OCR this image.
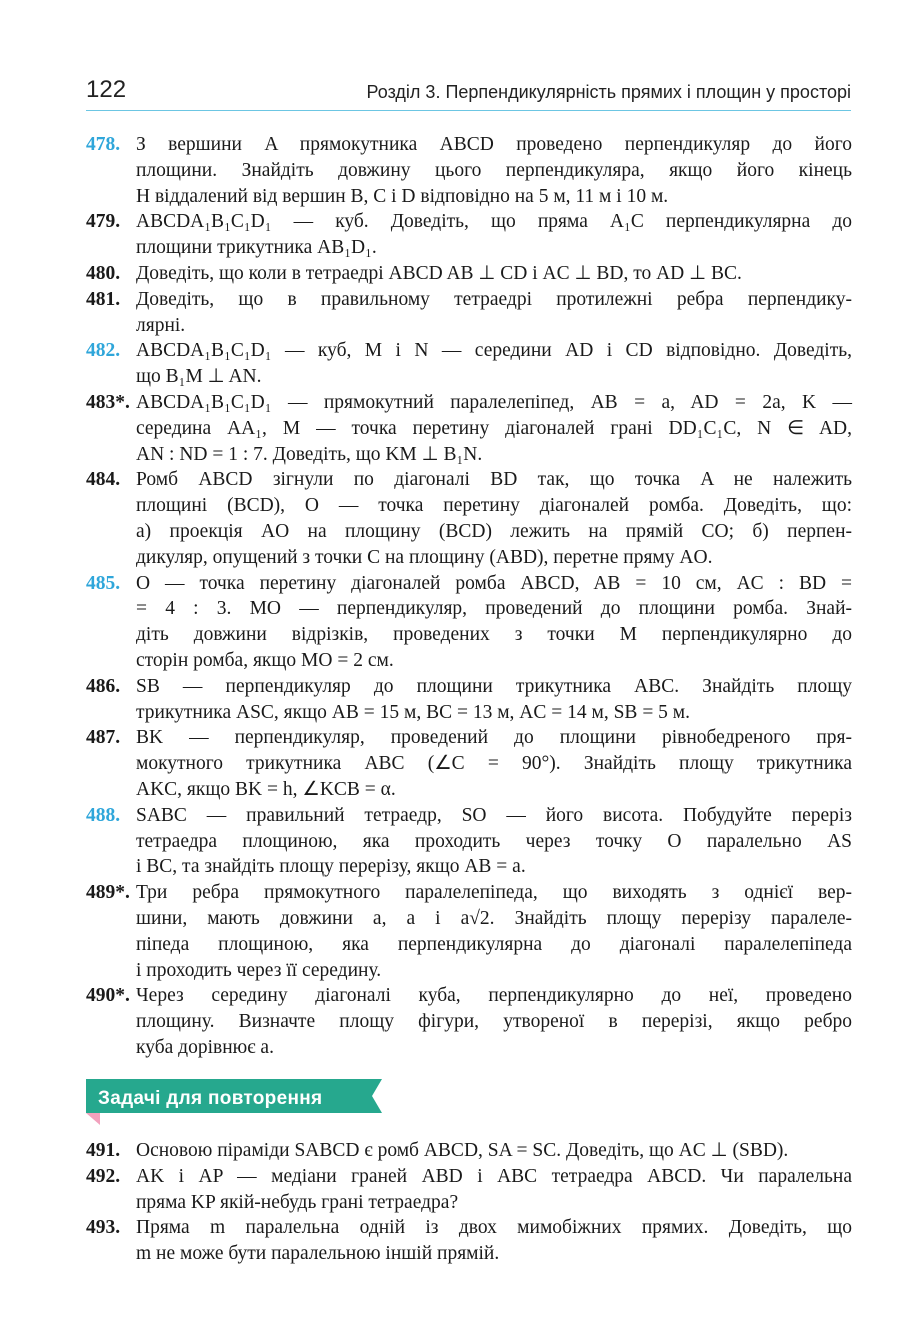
122	Розділ 3. Перпендикулярність прямих і площин у просторі
478. З вершини A прямокутника ABCD проведено перпендикуляр до його
площини. Знайдіть довжину цього перпендикуляра, якщо його кінець
H віддалений від вершин B, C і D відповідно на 5 м, 11 м і 10 м.
479. ABCDA₁B₁C₁D₁ — куб. Доведіть, що пряма A₁C перпендикулярна до
площини трикутника AB₁D₁.
480. Доведіть, що коли в тетраедрі ABCD AB ⊥ CD і AC ⊥ BD, то AD ⊥ BC.
481. Доведіть, що в правильному тетраедрі протилежні ребра перпендику-
лярні.
482. ABCDA₁B₁C₁D₁ — куб, M і N — середини AD і CD відповідно. Доведіть,
що B₁M ⊥ AN.
483*. ABCDA₁B₁C₁D₁ — прямокутний паралелепіпед, AB = a, AD = 2a, K —
середина AA₁, M — точка перетину діагоналей грані DD₁C₁C, N ∈ AD,
AN : ND = 1 : 7. Доведіть, що KM ⊥ B₁N.
484. Ромб ABCD зігнули по діагоналі BD так, що точка A не належить
площині (BCD), O — точка перетину діагоналей ромба. Доведіть, що:
а) проекція AO на площину (BCD) лежить на прямій CO; б) перпен-
дикуляр, опущений з точки C на площину (ABD), перетне пряму AO.
485. O — точка перетину діагоналей ромба ABCD, AB = 10 см, AC : BD =
= 4 : 3. MO — перпендикуляр, проведений до площини ромба. Знай-
діть довжини відрізків, проведених з точки M перпендикулярно до
сторін ромба, якщо MO = 2 см.
486. SB — перпендикуляр до площини трикутника ABC. Знайдіть площу
трикутника ASC, якщо AB = 15 м, BC = 13 м, AC = 14 м, SB = 5 м.
487. BK — перпендикуляр, проведений до площини рівнобедреного пря-
мокутного трикутника ABC (∠C = 90°). Знайдіть площу трикутника
AKC, якщо BK = h, ∠KCB = α.
488. SABC — правильний тетраедр, SO — його висота. Побудуйте переріз
тетраедра площиною, яка проходить через точку O паралельно AS
і BC, та знайдіть площу перерізу, якщо AB = a.
489*. Три ребра прямокутного паралелепіпеда, що виходять з однієї вер-
шини, мають довжини a, a і a√2. Знайдіть площу перерізу паралеле-
піпеда площиною, яка перпендикулярна до діагоналі паралелепіпеда
і проходить через її середину.
490*. Через середину діагоналі куба, перпендикулярно до неї, проведено
площину. Визначте площу фігури, утвореної в перерізі, якщо ребро
куба дорівнює a.
Задачі для повторення
491. Основою піраміди SABCD є ромб ABCD, SA = SC. Доведіть, що AC ⊥ (SBD).
492. AK і AP — медіани граней ABD і ABC тетраедра ABCD. Чи паралельна
пряма KP якій-небудь грані тетраедра?
493. Пряма m паралельна одній із двох мимобіжних прямих. Доведіть, що
m не може бути паралельною іншій прямій.
